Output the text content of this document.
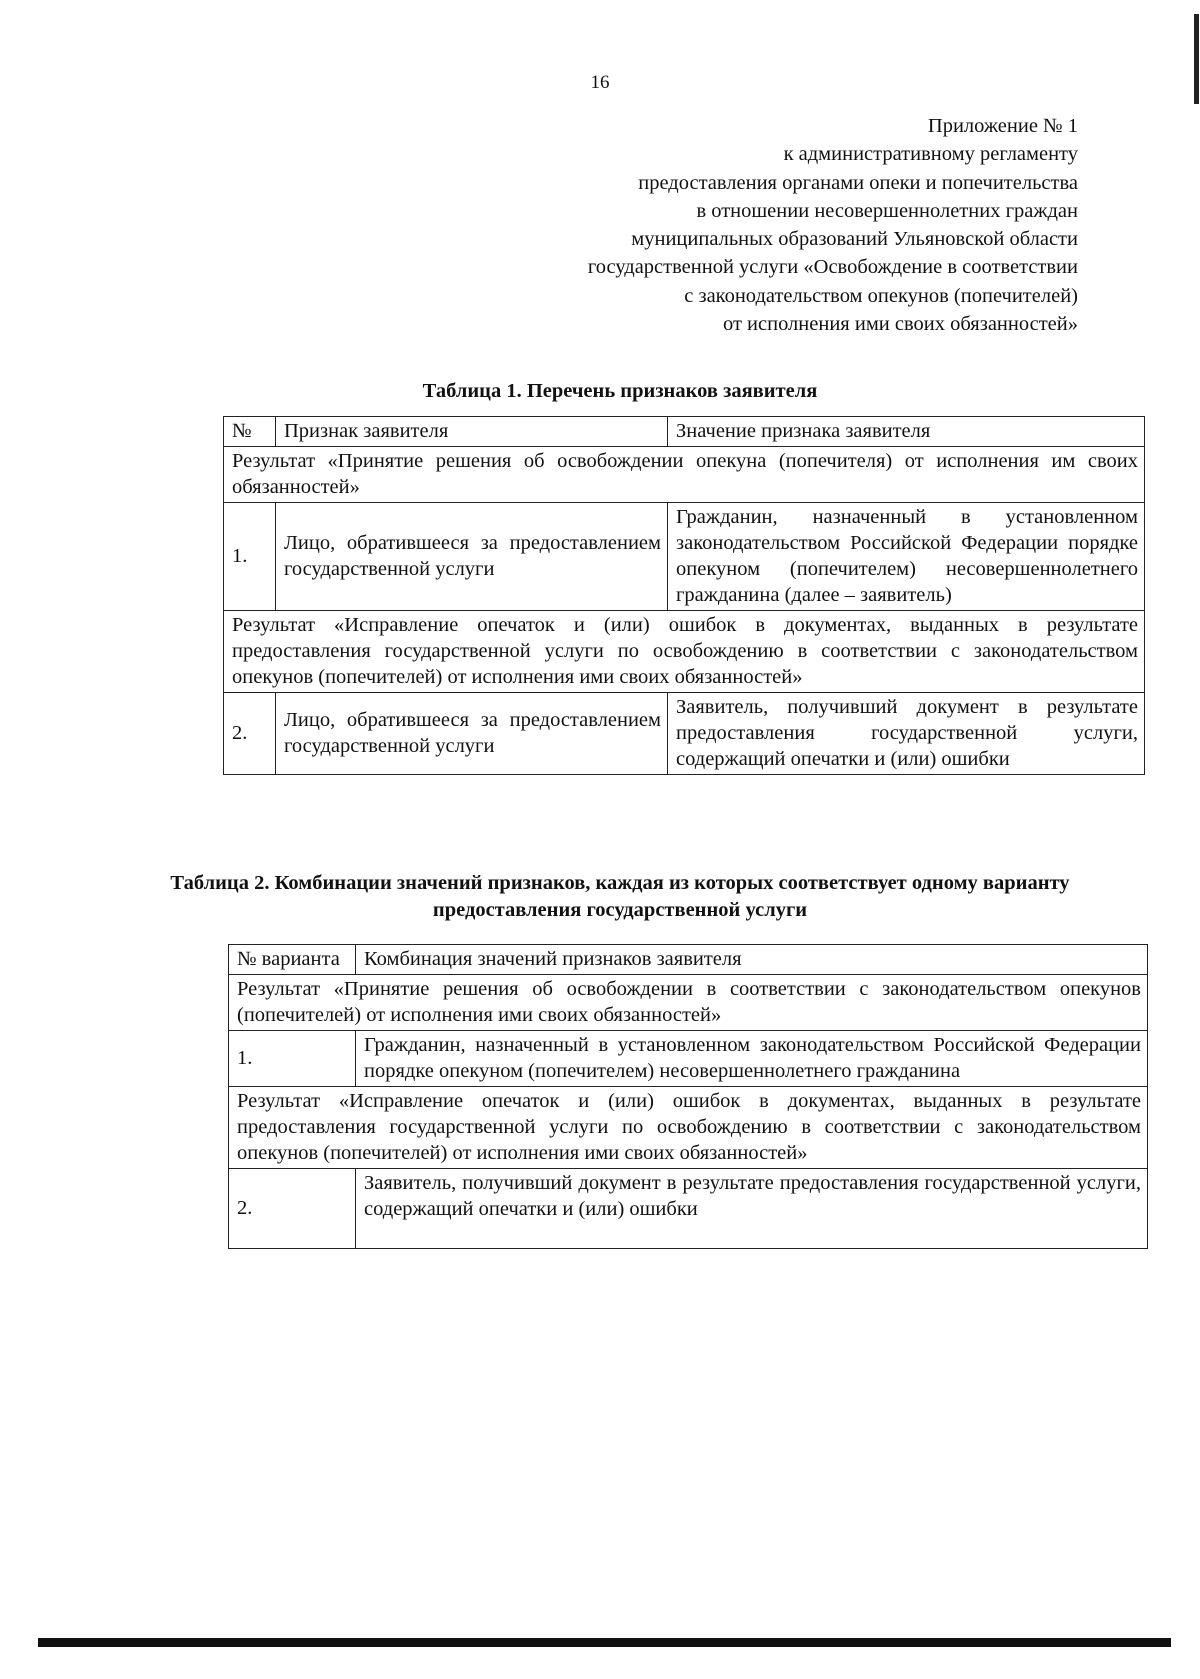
16
Приложение № 1
к административному регламенту
предоставления органами опеки и попечительства
в отношении несовершеннолетних граждан
муниципальных образований Ульяновской области
государственной услуги «Освобождение в соответствии
с законодательством опекунов (попечителей)
от исполнения ими своих обязанностей»
Таблица 1. Перечень признаков заявителя
№	Признак заявителя	Значение признака заявителя
Результат «Принятие решения об освобождении опекуна (попечителя) от исполнения им своих обязанностей»		
1.	Лицо, обратившееся за предоставлением государственной услуги	Гражданин, назначенный в установленном законодательством Российской Федерации порядке опекуном (попечителем) несовершеннолетнего гражданина (далее – заявитель)
Результат «Исправление опечаток и (или) ошибок в документах, выданных в результате предоставления государственной услуги по освобождению в соответствии с законодательством опекунов (попечителей) от исполнения ими своих обязанностей»		
2.	Лицо, обратившееся за предоставлением государственной услуги	Заявитель, получивший документ в результате предоставления государственной услуги, содержащий опечатки и (или) ошибки
Таблица 2. Комбинации значений признаков, каждая из которых соответствует одному варианту предоставления государственной услуги
№ варианта	Комбинация значений признаков заявителя
Результат «Принятие решения об освобождении в соответствии с законодательством опекунов (попечителей) от исполнения ими своих обязанностей»	
1.	Гражданин, назначенный в установленном законодательством Российской Федерации порядке опекуном (попечителем) несовершеннолетнего гражданина
Результат «Исправление опечаток и (или) ошибок в документах, выданных в результате предоставления государственной услуги по освобождению в соответствии с законодательством опекунов (попечителей) от исполнения ими своих обязанностей»	
2.	Заявитель, получивший документ в результате предоставления государственной услуги, содержащий опечатки и (или) ошибки
